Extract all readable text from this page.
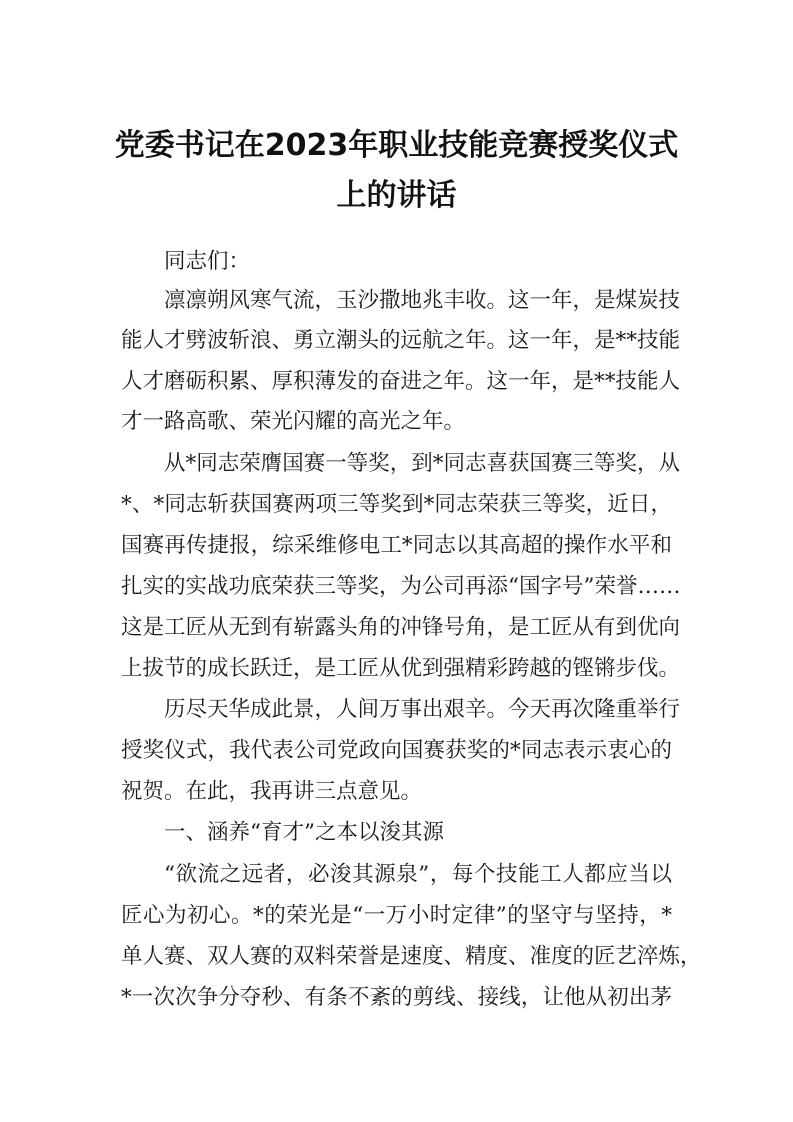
党委书记在2023年职业技能竞赛授奖仪式
上的讲话
同志们：
凛凛朔风寒气流，玉沙撒地兆丰收。这一年，是煤炭技
能人才劈波斩浪、勇立潮头的远航之年。这一年，是**技能
人才磨砺积累、厚积薄发的奋进之年。这一年，是**技能人
才一路高歌、荣光闪耀的高光之年。
从*同志荣膺国赛一等奖，到*同志喜获国赛三等奖，从
*、*同志斩获国赛两项三等奖到*同志荣获三等奖，近日，
国赛再传捷报，综采维修电工*同志以其高超的操作水平和
扎实的实战功底荣获三等奖，为公司再添“国字号”荣誉……
这是工匠从无到有崭露头角的冲锋号角，是工匠从有到优向
上拔节的成长跃迁，是工匠从优到强精彩跨越的铿锵步伐。
历尽天华成此景，人间万事出艰辛。今天再次隆重举行
授奖仪式，我代表公司党政向国赛获奖的*同志表示衷心的
祝贺。在此，我再讲三点意见。
一、涵养“育才”之本以浚其源
“欲流之远者，必浚其源泉”，每个技能工人都应当以
匠心为初心。*的荣光是“一万小时定律”的坚守与坚持，*
单人赛、双人赛的双料荣誉是速度、精度、准度的匠艺淬炼，
*一次次争分夺秒、有条不紊的剪线、接线，让他从初出茅
